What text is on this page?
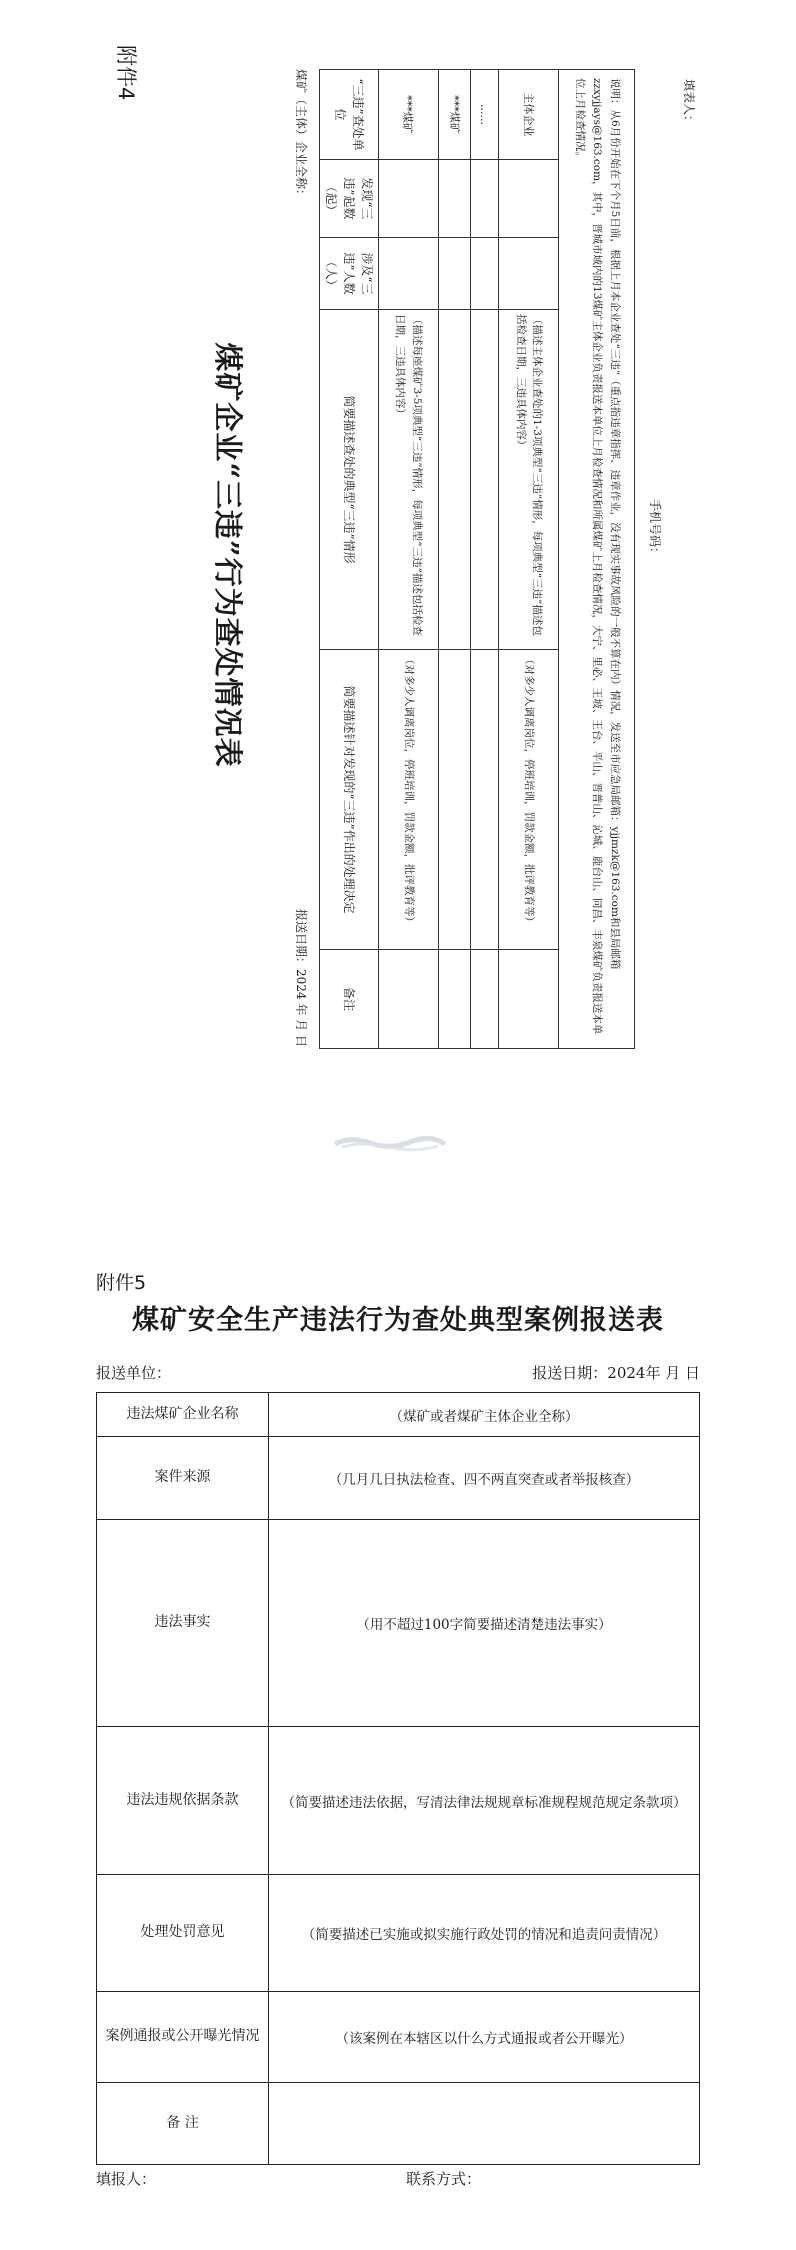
填表人：
手机号码：
说明：从6月份开始在下个月5日前，根据上月本企业查处“三违”（重点指违章指挥、违章作业，没有现实事故风险的一般不算在内）情况，发送至市应急局邮箱：yjjmzk@163.com和县局邮箱zzxyjjays@163.com，其中，晋城市域内的13煤矿主体企业负责报送本单位上月检查情况和所属煤矿上月检查情况，大宁、里必、王坡、王台、平山、晋普山、沁城、鹿台山、同昌、丰泉煤矿负责报送本单位上月检查情况。					
主体企业			（描述主体企业查处的1-3项典型“三违”情形，每项典型“三违”描述包括检查日期，三违具体内容）	（对多少人调离岗位，停班培训，罚款金额，批评教育等）	
......					
***煤矿					
***煤矿			（描述每座煤矿3-5项典型“三违”情形，每项典型“三违”描述包括检查日期，三违具体内容）	（对多少人调离岗位，停班培训，罚款金额，批评教育等）	
“三违”查处单位	发现“三违”起数（起）	涉及“三违”人数（人）	简要描述查处的典型“三违”情形	简要描述针对发现的“三违”作出的处理决定	备注
煤矿（主体）企业全称：
报送日期：2024 年 月 日
煤矿企业“三违”行为查处情况表
附件4
附件5
煤矿安全生产违法行为查处典型案例报送表
报送单位：	报送日期：2024年 月 日
违法煤矿企业名称	（煤矿或者煤矿主体企业全称）
案件来源	（几月几日执法检查、四不两直突查或者举报核查）
违法事实	（用不超过100字简要描述清楚违法事实）
违法违规依据条款	（简要描述违法依据，写清法律法规规章标准规程规范规定条款项）
处理处罚意见	（简要描述已实施或拟实施行政处罚的情况和追责问责情况）
案例通报或公开曝光情况	（该案例在本辖区以什么方式通报或者公开曝光）
备 注	
填报人：	联系方式：
